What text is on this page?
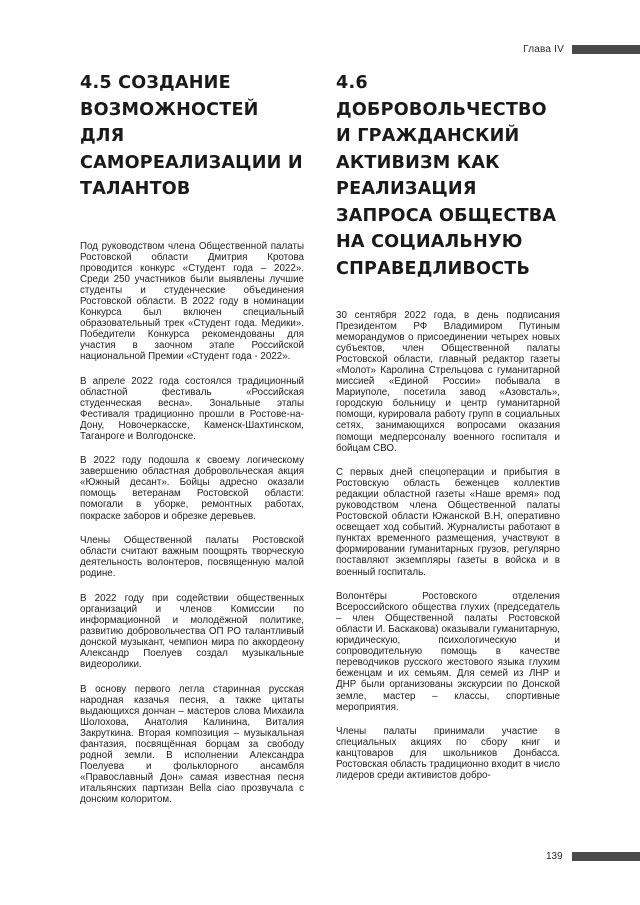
Глава IV
4.5 СОЗДАНИЕ ВОЗМОЖНОСТЕЙ ДЛЯ САМОРЕАЛИЗАЦИИ И ТАЛАНТОВ

Под руководством члена Общественной палаты Ростовской области Дмитрия Кротова проводится конкурс «Студент года – 2022». Среди 250 участников были выявлены лучшие студенты и студенческие объединения Ростовской области. В 2022 году в номинации Конкурса был включен специальный образовательный трек «Студент года. Медики». Победители Конкурса рекомендованы для участия в заочном этапе Российской национальной Премии «Студент года - 2022».

В апреле 2022 года состоялся традиционный областной фестиваль «Российская студенческая весна». Зональные этапы Фестиваля традиционно прошли в Ростове-на-Дону, Новочеркасске, Каменск-Шахтинском, Таганроге и Волгодонске.

В 2022 году подошла к своему логическому завершению областная добровольческая акция «Южный десант». Бойцы адресно оказали помощь ветеранам Ростовской области: помогали в уборке, ремонтных работах, покраске заборов и обрезке деревьев.

Члены Общественной палаты Ростовской области считают важным поощрять творческую деятельность волонтеров, посвященную малой родине.

В 2022 году при содействии общественных организаций и членов Комиссии по информационной и молодёжной политике, развитию добровольчества ОП РО талантливый донской музыкант, чемпион мира по аккордеону Александр Поелуев создал музыкальные видеоролики.

В основу первого легла старинная русская народная казачья песня, а также цитаты выдающихся дончан – мастеров слова Михаила Шолохова, Анатолия Калинина, Виталия Закруткина. Вторая композиция – музыкальная фантазия, посвящённая борцам за свободу родной земли. В исполнении Александра Поелуева и фольклорного ансамбля «Православный Дон» самая известная песня итальянских партизан Bella ciao прозвучала с донским колоритом.

4.6 ДОБРОВОЛЬЧЕСТВО И ГРАЖДАНСКИЙ АКТИВИЗМ КАК РЕАЛИЗАЦИЯ ЗАПРОСА ОБЩЕСТВА НА СОЦИАЛЬНУЮ СПРАВЕДЛИВОСТЬ

30 сентября 2022 года, в день подписания Президентом РФ Владимиром Путиным меморандумов о присоединении четырех новых субъектов, член Общественной палаты Ростовской области, главный редактор газеты «Молот» Каролина Стрельцова с гуманитарной миссией «Единой России» побывала в Мариуполе, посетила завод «Азовсталь», городскую больницу и центр гуманитарной помощи, курировала работу групп в социальных сетях, занимающихся вопросами оказания помощи медперсоналу военного госпиталя и бойцам СВО.

С первых дней спецоперации и прибытия в Ростовскую область беженцев коллектив редакции областной газеты «Наше время» под руководством члена Общественной палаты Ростовской области Южанской В.Н, оперативно освещает ход событий. Журналисты работают в пунктах временного размещения, участвуют в формировании гуманитарных грузов, регулярно поставляют экземпляры газеты в войска и в военный госпиталь.

Волонтёры Ростовского отделения Всероссийского общества глухих (председатель – член Общественной палаты Ростовской области И. Баскакова) оказывали гуманитарную, юридическую, психологическую и сопроводительную помощь в качестве переводчиков русского жестового языка глухим беженцам и их семьям. Для семей из ЛНР и ДНР были организованы экскурсии по Донской земле, мастер – классы, спортивные мероприятия.

Члены палаты принимали участие в специальных акциях по сбору книг и канцтоваров для школьников Донбасса. Ростовская область традиционно входит в число лидеров среди активистов добро-

139
